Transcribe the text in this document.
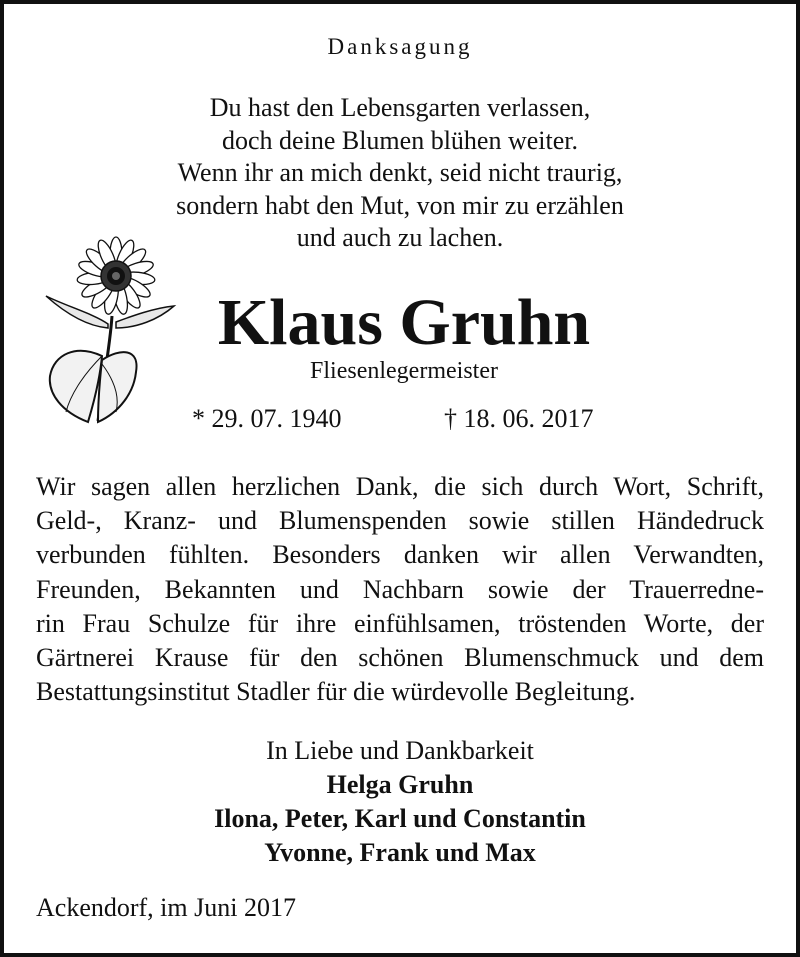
Danksagung
Du hast den Lebensgarten verlassen,
doch deine Blumen blühen weiter.
Wenn ihr an mich denkt, seid nicht traurig,
sondern habt den Mut, von mir zu erzählen
und auch zu lachen.
Klaus Gruhn
Fliesenlegermeister
* 29. 07. 1940	† 18. 06. 2017
Wir sagen allen herzlichen Dank, die sich durch Wort, Schrift,
Geld-, Kranz- und Blumenspenden sowie stillen Händedruck
verbunden fühlten. Besonders danken wir allen Verwandten,
Freunden, Bekannten und Nachbarn sowie der Trauerredne-
rin Frau Schulze für ihre einfühlsamen, tröstenden Worte, der
Gärtnerei Krause für den schönen Blumenschmuck und dem
Bestattungsinstitut Stadler für die würdevolle Begleitung.
In Liebe und Dankbarkeit
Helga Gruhn
Ilona, Peter, Karl und Constantin
Yvonne, Frank und Max
Ackendorf, im Juni 2017
